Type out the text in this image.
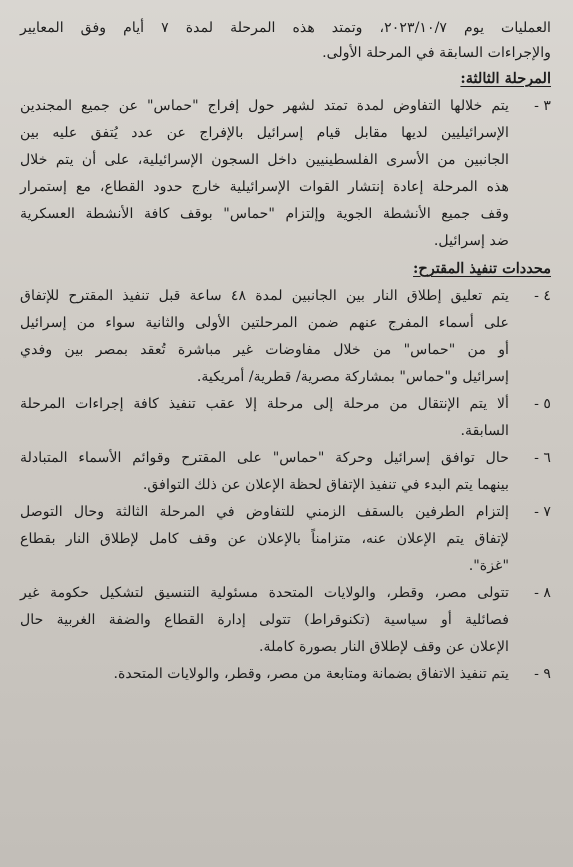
العمليات يوم ٢٠٢٣/١٠/٧، وتمتد هذه المرحلة لمدة ٧ أيام وفق المعايير

والإجراءات السابقة في المرحلة الأولى.

المرحلة الثالثة:
٣ -

يتم خلالها التفاوض لمدة تمتد لشهر حول إفراج "حماس" عن جميع المجندين

الإسرائيليين لديها مقابل قيام إسرائيل بالإفراج عن عدد يُتفق عليه بين

الجانبين من الأسرى الفلسطينيين داخل السجون الإسرائيلية، على أن يتم خلال

هذه المرحلة إعادة إنتشار القوات الإسرائيلية خارج حدود القطاع، مع إستمرار

وقف جميع الأنشطة الجوية وإلتزام "حماس" بوقف كافة الأنشطة العسكرية

ضد إسرائيل.

محددات تنفيذ المقترح:
٤ -

يتم تعليق إطلاق النار بين الجانبين لمدة ٤٨ ساعة قبل تنفيذ المقترح للإتفاق

على أسماء المفرج عنهم ضمن المرحلتين الأولى والثانية سواء من إسرائيل

أو من "حماس" من خلال مفاوضات غير مباشرة تُعقد بمصر بين وفدي

إسرائيل و"حماس" بمشاركة مصرية/ قطرية/ أمريكية.

٥ -

ألا يتم الإنتقال من مرحلة إلى مرحلة إلا عقب تنفيذ كافة إجراءات المرحلة

السابقة.

٦ -

حال توافق إسرائيل وحركة "حماس" على المقترح وقوائم الأسماء المتبادلة

بينهما يتم البدء في تنفيذ الإتفاق لحظة الإعلان عن ذلك التوافق.

٧ -

إلتزام الطرفين بالسقف الزمني للتفاوض في المرحلة الثالثة وحال التوصل

لإتفاق يتم الإعلان عنه، متزامناً بالإعلان عن وقف كامل لإطلاق النار بقطاع

"غزة".

٨ -

تتولى مصر، وقطر، والولايات المتحدة مسئولية التنسيق لتشكيل حكومة غير

فصائلية أو سياسية (تكنوقراط) تتولى إدارة القطاع والضفة الغربية حال

الإعلان عن وقف لإطلاق النار بصورة كاملة.

٩ -

يتم تنفيذ الاتفاق بضمانة ومتابعة من مصر، وقطر، والولايات المتحدة.
